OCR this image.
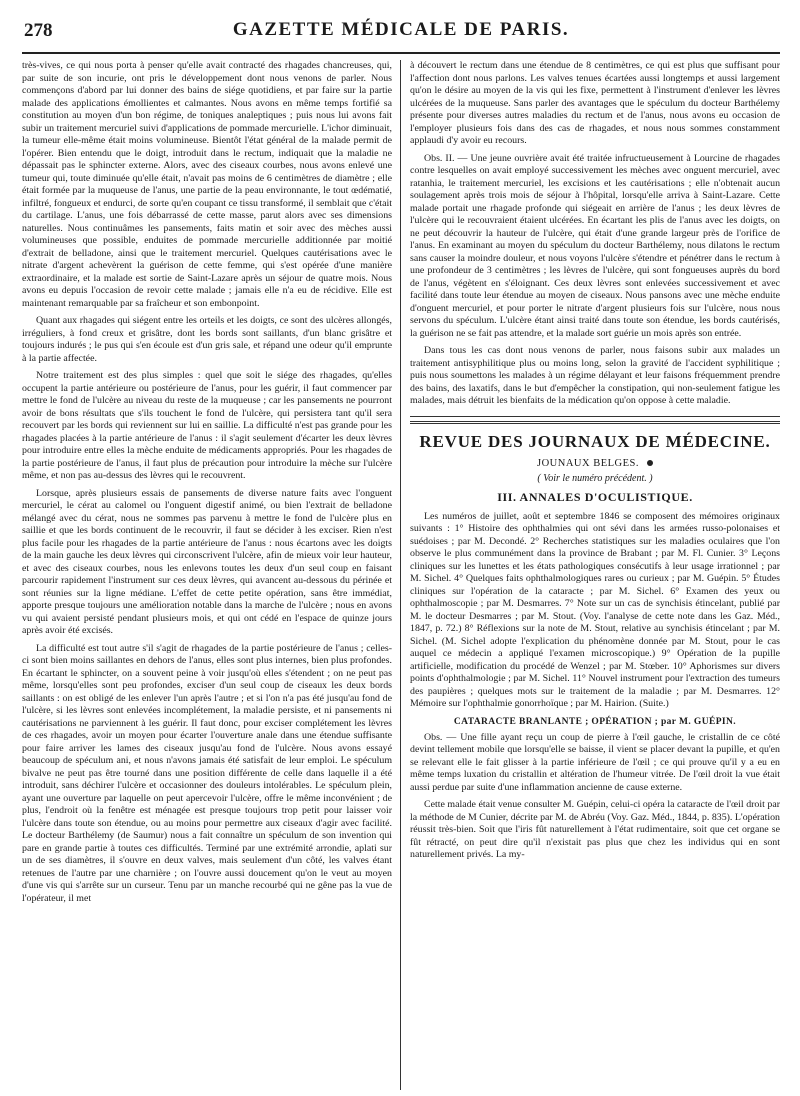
278	GAZETTE MÉDICALE DE PARIS.

très-vives, ce qui nous porta à penser qu'elle avait contracté des rhagades chancreuses, qui, par suite de son incurie, ont pris le développement dont nous venons de parler. Nous commençons d'abord par lui donner des bains de siége quotidiens, et par faire sur la partie malade des applications émollientes et calmantes. Nous avons en même temps fortifié sa constitution au moyen d'un bon régime, de toniques analeptiques ; puis nous lui avons fait subir un traitement mercuriel suivi d'applications de pommade mercurielle. L'ichor diminuait, la tumeur elle-même était moins volumineuse. Bientôt l'état général de la malade permit de l'opérer. Bien entendu que le doigt, introduit dans le rectum, indiquait que la maladie ne dépassait pas le sphincter externe. Alors, avec des ciseaux courbes, nous avons enlevé une tumeur qui, toute diminuée qu'elle était, n'avait pas moins de 6 centimètres de diamètre ; elle était formée par la muqueuse de l'anus, une partie de la peau environnante, le tout œdématié, infiltré, fongueux et endurci, de sorte qu'en coupant ce tissu transformé, il semblait que c'était du cartilage. L'anus, une fois débarrassé de cette masse, parut alors avec ses dimensions naturelles. Nous continuâmes les pansements, faits matin et soir avec des mèches aussi volumineuses que possible, enduites de pommade mercurielle additionnée par moitié d'extrait de belladone, ainsi que le traitement mercuriel. Quelques cautérisations avec le nitrate d'argent achevèrent la guérison de cette femme, qui s'est opérée d'une manière extraordinaire, et la malade est sortie de Saint-Lazare après un séjour de quatre mois. Nous avons eu depuis l'occasion de revoir cette malade ; jamais elle n'a eu de récidive. Elle est maintenant remarquable par sa fraîcheur et son embonpoint.

Quant aux rhagades qui siégent entre les orteils et les doigts, ce sont des ulcères allongés, irréguliers, à fond creux et grisâtre, dont les bords sont saillants, d'un blanc grisâtre et toujours indurés ; le pus qui s'en écoule est d'un gris sale, et répand une odeur qu'il emprunte à la partie affectée.

Notre traitement est des plus simples : quel que soit le siége des rhagades, qu'elles occupent la partie antérieure ou postérieure de l'anus, pour les guérir, il faut commencer par mettre le fond de l'ulcère au niveau du reste de la muqueuse ; car les pansements ne pourront avoir de bons résultats que s'ils touchent le fond de l'ulcère, qui persistera tant qu'il sera recouvert par les bords qui reviennent sur lui en saillie. La difficulté n'est pas grande pour les rhagades placées à la partie antérieure de l'anus : il s'agit seulement d'écarter les deux lèvres pour introduire entre elles la mèche enduite de médicaments appropriés. Pour les rhagades de la partie postérieure de l'anus, il faut plus de précaution pour introduire la mèche sur l'ulcère même, et non pas au-dessus des lèvres qui le recouvrent.

Lorsque, après plusieurs essais de pansements de diverse nature faits avec l'onguent mercuriel, le cérat au calomel ou l'onguent digestif animé, ou bien l'extrait de belladone mélangé avec du cérat, nous ne sommes pas parvenu à mettre le fond de l'ulcère plus en saillie et que les bords continuent de le recouvrir, il faut se décider à les exciser. Rien n'est plus facile pour les rhagades de la partie antérieure de l'anus : nous écartons avec les doigts de la main gauche les deux lèvres qui circonscrivent l'ulcère, afin de mieux voir leur hauteur, et avec des ciseaux courbes, nous les enlevons toutes les deux d'un seul coup en faisant parcourir rapidement l'instrument sur ces deux lèvres, qui avancent au-dessous du périnée et sont réunies sur la ligne médiane. L'effet de cette petite opération, sans être immédiat, apporte presque toujours une amélioration notable dans la marche de l'ulcère ; nous en avons vu qui avaient persisté pendant plusieurs mois, et qui ont cédé en l'espace de quinze jours après avoir été excisés.

La difficulté est tout autre s'il s'agit de rhagades de la partie postérieure de l'anus ; celles-ci sont bien moins saillantes en dehors de l'anus, elles sont plus internes, bien plus profondes. En écartant le sphincter, on a souvent peine à voir jusqu'où elles s'étendent ; on ne peut pas même, lorsqu'elles sont peu profondes, exciser d'un seul coup de ciseaux les deux bords saillants : on est obligé de les enlever l'un après l'autre ; et si l'on n'a pas été jusqu'au fond de l'ulcère, si les lèvres sont enlevées incomplétement, la maladie persiste, et ni pansements ni cautérisations ne parviennent à les guérir. Il faut donc, pour exciser complétement les lèvres de ces rhagades, avoir un moyen pour écarter l'ouverture anale dans une étendue suffisante pour faire arriver les lames des ciseaux jusqu'au fond de l'ulcère. Nous avons essayé beaucoup de spéculum ani, et nous n'avons jamais été satisfait de leur emploi. Le spéculum bivalve ne peut pas être tourné dans une position différente de celle dans laquelle il a été introduit, sans déchirer l'ulcère et occasionner des douleurs intolérables. Le spéculum plein, ayant une ouverture par laquelle on peut apercevoir l'ulcère, offre le même inconvénient ; de plus, l'endroit où la fenêtre est ménagée est presque toujours trop petit pour laisser voir l'ulcère dans toute son étendue, ou au moins pour permettre aux ciseaux d'agir avec facilité. Le docteur Barthélemy (de Saumur) nous a fait connaître un spéculum de son invention qui pare en grande partie à toutes ces difficultés. Terminé par une extrémité arrondie, aplati sur un de ses diamètres, il s'ouvre en deux valves, mais seulement d'un côté, les valves étant retenues de l'autre par une charnière ; on l'ouvre aussi doucement qu'on le veut au moyen d'une vis qui s'arrête sur un curseur. Tenu par un manche recourbé qui ne gêne pas la vue de l'opérateur, il met

à découvert le rectum dans une étendue de 8 centimètres, ce qui est plus que suffisant pour l'affection dont nous parlons. Les valves tenues écartées aussi longtemps et aussi largement qu'on le désire au moyen de la vis qui les fixe, permettent à l'instrument d'enlever les lèvres ulcérées de la muqueuse. Sans parler des avantages que le spéculum du docteur Barthélemy présente pour diverses autres maladies du rectum et de l'anus, nous avons eu occasion de l'employer plusieurs fois dans des cas de rhagades, et nous nous sommes constamment applaudi d'y avoir eu recours.

Obs. II. — Une jeune ouvrière avait été traitée infructueusement à Lourcine de rhagades contre lesquelles on avait employé successivement les mèches avec onguent mercuriel, avec ratanhia, le traitement mercuriel, les excisions et les cautérisations ; elle n'obtenait aucun soulagement après trois mois de séjour à l'hôpital, lorsqu'elle arriva à Saint-Lazare. Cette malade portait une rhagade profonde qui siégeait en arrière de l'anus ; les deux lèvres de l'ulcère qui le recouvraient étaient ulcérées. En écartant les plis de l'anus avec les doigts, on ne peut découvrir la hauteur de l'ulcère, qui était d'une grande largeur près de l'orifice de l'anus. En examinant au moyen du spéculum du docteur Barthélemy, nous dilatons le rectum sans causer la moindre douleur, et nous voyons l'ulcère s'étendre et pénétrer dans le rectum à une profondeur de 3 centimètres ; les lèvres de l'ulcère, qui sont fongueuses auprès du bord de l'anus, végètent en s'éloignant. Ces deux lèvres sont enlevées successivement et avec facilité dans toute leur étendue au moyen de ciseaux. Nous pansons avec une mèche enduite d'onguent mercuriel, et pour porter le nitrate d'argent plusieurs fois sur l'ulcère, nous nous servons du spéculum. L'ulcère étant ainsi traité dans toute son étendue, les bords cautérisés, la guérison ne se fait pas attendre, et la malade sort guérie un mois après son entrée.

Dans tous les cas dont nous venons de parler, nous faisons subir aux malades un traitement antisyphilitique plus ou moins long, selon la gravité de l'accident syphilitique ; puis nous soumettons les malades à un régime délayant et leur faisons fréquemment prendre des bains, des laxatifs, dans le but d'empêcher la constipation, qui non-seulement fatigue les malades, mais détruit les bienfaits de la médication qu'on oppose à cette maladie.

REVUE DES JOURNAUX DE MÉDECINE.
JOUNAUX BELGES.
( Voir le numéro précédent. )
III. ANNALES D'OCULISTIQUE.

Les numéros de juillet, août et septembre 1846 se composent des mémoires originaux suivants : 1° Histoire des ophthalmies qui ont sévi dans les armées russo-polonaises et suédoises ; par M. Decondé. 2° Recherches statistiques sur les maladies oculaires que l'on observe le plus communément dans la province de Brabant ; par M. Fl. Cunier. 3° Leçons cliniques sur les lunettes et les états pathologiques consécutifs à leur usage irrationnel ; par M. Sichel. 4° Quelques faits ophthalmologiques rares ou curieux ; par M. Guépin. 5° Études cliniques sur l'opération de la cataracte ; par M. Sichel. 6° Examen des yeux ou ophthalmoscopie ; par M. Desmarres. 7° Note sur un cas de synchisis étincelant, publié par M. le docteur Desmarres ; par M. Stout. (Voy. l'analyse de cette note dans les Gaz. Méd., 1847, p. 72.) 8° Réflexions sur la note de M. Stout, relative au synchisis étincelant ; par M. Sichel. (M. Sichel adopte l'explication du phénomène donnée par M. Stout, pour le cas auquel ce médecin a appliqué l'examen microscopique.) 9° Opération de la pupille artificielle, modification du procédé de Wenzel ; par M. Stœber. 10° Aphorismes sur divers points d'ophthalmologie ; par M. Sichel. 11° Nouvel instrument pour l'extraction des tumeurs des paupières ; quelques mots sur le traitement de la maladie ; par M. Desmarres. 12° Mémoire sur l'ophthalmie gonorrhoïque ; par M. Hairion. (Suite.)

CATARACTE BRANLANTE ; OPÉRATION ; par M. GUÉPIN.

Obs. — Une fille ayant reçu un coup de pierre à l'œil gauche, le cristallin de ce côté devint tellement mobile que lorsqu'elle se baisse, il vient se placer devant la pupille, et qu'en se relevant elle le fait glisser à la partie inférieure de l'œil ; ce qui prouve qu'il y a eu en même temps luxation du cristallin et altération de l'humeur vitrée. De l'œil droit la vue était aussi perdue par suite d'une inflammation ancienne de cause externe.

Cette malade était venue consulter M. Guépin, celui-ci opéra la cataracte de l'œil droit par la méthode de M Cunier, décrite par M. de Abréu (Voy. Gaz. Méd., 1844, p. 835). L'opération réussit très-bien. Soit que l'iris fût naturellement à l'état rudimentaire, soit que cet organe se fût rétracté, on peut dire qu'il n'existait pas plus que chez les individus qui en sont naturellement privés. La my-
